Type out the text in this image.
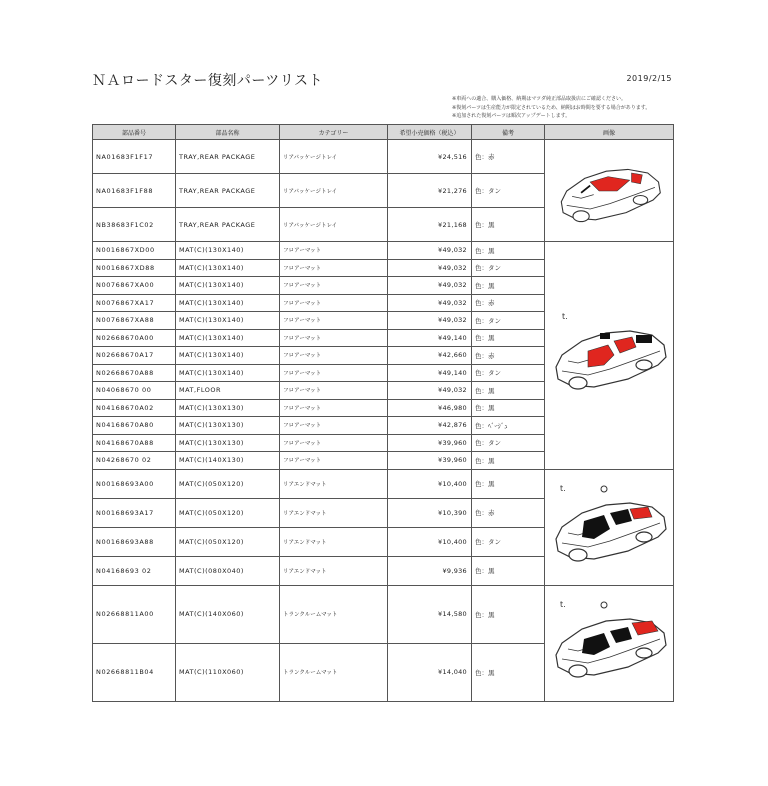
ＮＡロードスター復刻パーツリスト	2019/2/15
※車両への適合、購入価格、納期はマツダ純正部品取扱店にご確認ください。
※復刻パーツは生産能力が限定されているため、納期はお時間を要する場合があります。
※追加された復刻パーツは順次アップデートします。
部品番号	部品名称	カテゴリー	希望小売価格（税込）	備考	画像
NA01683F1F17	TRAY,REAR PACKAGE	リアパッケージトレイ	¥24,516	色：赤	

NA01683F1F88	TRAY,REAR PACKAGE	リアパッケージトレイ	¥21,276	色：タン	
NB38683F1C02	TRAY,REAR PACKAGE	リアパッケージトレイ	¥21,168	色：黒	
N0016867XD00	MAT(C)(130X140)	フロアーマット	¥49,032	色：黒	t.

N0016867XD88	MAT(C)(130X140)	フロアーマット	¥49,032	色：タン	
N0076867XA00	MAT(C)(130X140)	フロアーマット	¥49,032	色：黒	
N0076867XA17	MAT(C)(130X140)	フロアーマット	¥49,032	色：赤	
N0076867XA88	MAT(C)(130X140)	フロアーマット	¥49,032	色：タン	
N02668670A00	MAT(C)(130X140)	フロアーマット	¥49,140	色：黒	
N02668670A17	MAT(C)(130X140)	フロアーマット	¥42,660	色：赤	
N02668670A88	MAT(C)(130X140)	フロアーマット	¥49,140	色：タン	
N04068670 00	MAT,FLOOR	フロアーマット	¥49,032	色：黒	
N04168670A02	MAT(C)(130X130)	フロアーマット	¥46,980	色：黒	
N04168670A80	MAT(C)(130X130)	フロアーマット	¥42,876	色：ﾍﾞｰｼﾞｭ	
N04168670A88	MAT(C)(130X130)	フロアーマット	¥39,960	色：タン	
N04268670 02	MAT(C)(140X130)	フロアーマット	¥39,960	色：黒	
N00168693A00	MAT(C)(050X120)	リアエンドマット	¥10,400	色：黒	t.

N00168693A17	MAT(C)(050X120)	リアエンドマット	¥10,390	色：赤	
N00168693A88	MAT(C)(050X120)	リアエンドマット	¥10,400	色：タン	
N04168693 02	MAT(C)(080X040)	リアエンドマット	¥9,936	色：黒	
N02668811A00	MAT(C)(140X060)	トランクルームマット	¥14,580	色：黒	t.

N02668811B04	MAT(C)(110X060)	トランクルームマット	¥14,040	色：黒	
